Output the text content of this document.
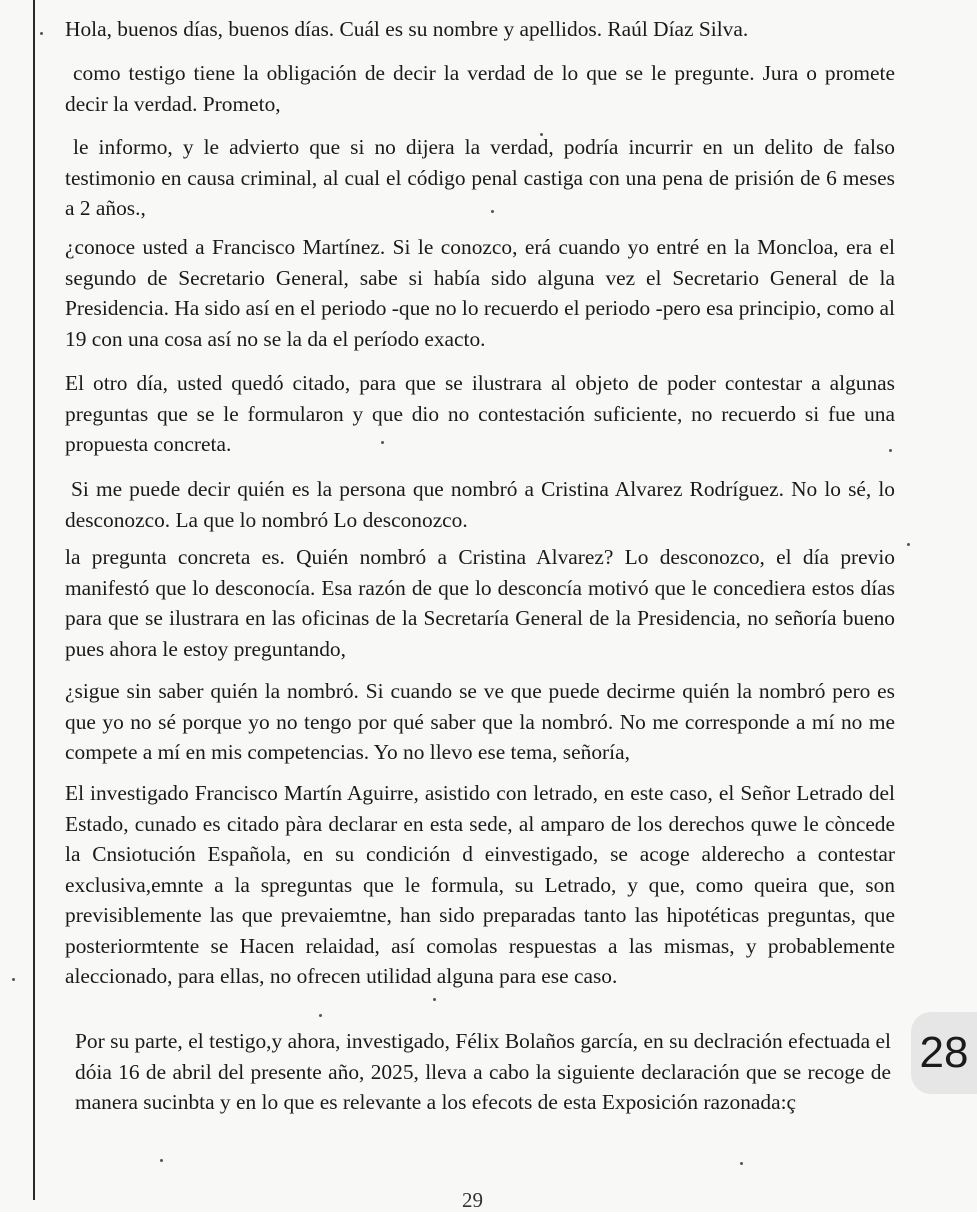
Hola, buenos días, buenos días. Cuál es su nombre y apellidos. Raúl Díaz Silva.

como testigo tiene la obligación de decir la verdad de lo que se le pregunte. Jura o promete decir la verdad. Prometo,

le informo, y le advierto que si no dijera la verdad, podría incurrir en un delito de falso testimonio en causa criminal, al cual el código penal castiga con una pena de prisión de 6 meses a 2 años.,

¿conoce usted a Francisco Martínez. Si le conozco, erá cuando yo entré en la Moncloa, era el segundo de Secretario General, sabe si había sido alguna vez el Secretario General de la Presidencia. Ha sido así en el periodo -que no lo recuerdo el periodo -pero esa principio, como al 19 con una cosa así no se la da el período exacto.

El otro día, usted quedó citado, para que se ilustrara al objeto de poder contestar a algunas preguntas que se le formularon y que dio no contestación suficiente, no recuerdo si fue una propuesta concreta.

Si me puede decir quién es la persona que nombró a Cristina Alvarez Rodríguez. No lo sé, lo desconozco. La que lo nombró Lo desconozco.

la pregunta concreta es. Quién nombró a Cristina Alvarez? Lo desconozco, el día previo manifestó que lo desconocía. Esa razón de que lo desconcía motivó que le concediera estos días para que se ilustrara en las oficinas de la Secretaría General de la Presidencia, no señoría bueno pues ahora le estoy preguntando,

¿sigue sin saber quién la nombró. Si cuando se ve que puede decirme quién la nombró pero es que yo no sé porque yo no tengo por qué saber que la nombró. No me corresponde a mí no me compete a mí en mis competencias. Yo no llevo ese tema, señoría,

El investigado Francisco Martín Aguirre, asistido con letrado, en este caso, el Señor Letrado del Estado, cunado es citado pàra declarar en esta sede, al amparo de los derechos quwe le còncede la Cnsiotución Española, en su condición d einvestigado, se acoge alderecho a contestar exclusiva,emnte a la spreguntas que le formula, su Letrado, y que, como queira que, son previsiblemente las que prevaiemtne, han sido preparadas tanto las hipotéticas preguntas, que posteriormtente se Hacen relaidad, así comolas respuestas a las mismas, y probablemente aleccionado, para ellas, no ofrecen utilidad alguna para ese caso.

Por su parte, el testigo,y ahora, investigado, Félix Bolaños garcía, en su declración efectuada el dóia 16 de abril del presente año, 2025, lleva a cabo la siguiente declaración que se recoge de manera sucinbta y en lo que es relevante a los efecots de esta Exposición razonada:ç

28
29
